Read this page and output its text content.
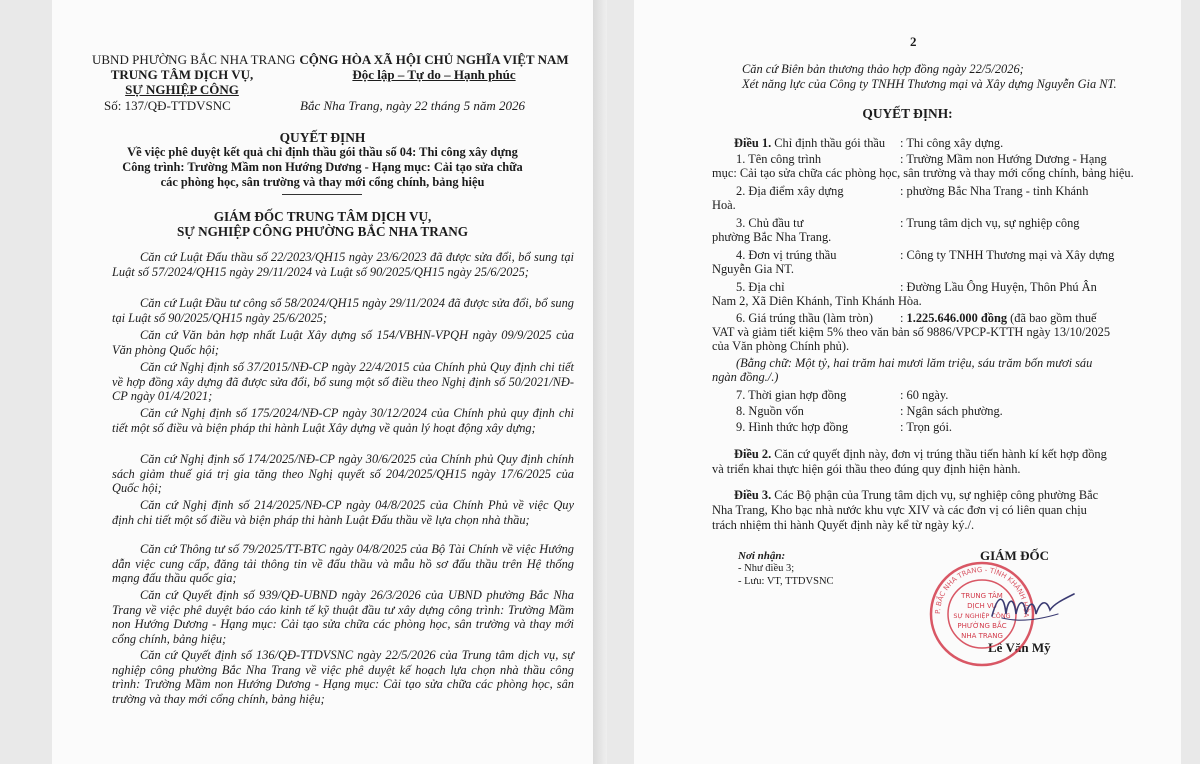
UBND PHƯỜNG BẮC NHA TRANG
TRUNG TÂM DỊCH VỤ,
SỰ NGHIỆP CÔNG
CỘNG HÒA XÃ HỘI CHỦ NGHĨA VIỆT NAM
Độc lập – Tự do – Hạnh phúc
Số: 137/QĐ-TTDVSNC	Bắc Nha Trang, ngày 22 tháng 5 năm 2026
QUYẾT ĐỊNH
Về việc phê duyệt kết quả chỉ định thầu gói thầu số 04: Thi công xây dựng
Công trình: Trường Mầm non Hướng Dương - Hạng mục: Cải tạo sửa chữa
các phòng học, sân trường và thay mới cổng chính, bảng hiệu
GIÁM ĐỐC TRUNG TÂM DỊCH VỤ,
SỰ NGHIỆP CÔNG PHƯỜNG BẮC NHA TRANG
Căn cứ Luật Đấu thầu số 22/2023/QH15 ngày 23/6/2023 đã được sửa đổi, bổ sung tại Luật số 57/2024/QH15 ngày 29/11/2024 và Luật số 90/2025/QH15 ngày 25/6/2025;
Căn cứ Luật Đầu tư công số 58/2024/QH15 ngày 29/11/2024 đã được sửa đổi, bổ sung tại Luật số 90/2025/QH15 ngày 25/6/2025;
Căn cứ Văn bản hợp nhất Luật Xây dựng số 154/VBHN-VPQH ngày 09/9/2025 của Văn phòng Quốc hội;
Căn cứ Nghị định số 37/2015/NĐ-CP ngày 22/4/2015 của Chính phủ Quy định chi tiết về hợp đồng xây dựng đã được sửa đổi, bổ sung một số điều theo Nghị định số 50/2021/NĐ-CP ngày 01/4/2021;
Căn cứ Nghị định số 175/2024/NĐ-CP ngày 30/12/2024 của Chính phủ quy định chi tiết một số điều và biện pháp thi hành Luật Xây dựng về quản lý hoạt động xây dựng;
Căn cứ Nghị định số 174/2025/NĐ-CP ngày 30/6/2025 của Chính phủ Quy định chính sách giảm thuế giá trị gia tăng theo Nghị quyết số 204/2025/QH15 ngày 17/6/2025 của Quốc hội;
Căn cứ Nghị định số 214/2025/NĐ-CP ngày 04/8/2025 của Chính Phủ về việc Quy định chi tiết một số điều và biện pháp thi hành Luật Đấu thầu về lựa chọn nhà thầu;
Căn cứ Thông tư số 79/2025/TT-BTC ngày 04/8/2025 của Bộ Tài Chính về việc Hướng dẫn việc cung cấp, đăng tải thông tin về đấu thầu và mẫu hồ sơ đấu thầu trên Hệ thống mạng đấu thầu quốc gia;
Căn cứ Quyết định số 939/QĐ-UBND ngày 26/3/2026 của UBND phường Bắc Nha Trang về việc phê duyệt báo cáo kinh tế kỹ thuật đầu tư xây dựng công trình: Trường Mầm non Hướng Dương - Hạng mục: Cải tạo sửa chữa các phòng học, sân trường và thay mới cổng chính, bảng hiệu;
Căn cứ Quyết định số 136/QĐ-TTDVSNC ngày 22/5/2026 của Trung tâm dịch vụ, sự nghiệp công phường Bắc Nha Trang về việc phê duyệt kế hoạch lựa chọn nhà thầu công trình: Trường Mầm non Hướng Dương - Hạng mục: Cải tạo sửa chữa các phòng học, sân trường và thay mới cổng chính, bảng hiệu;
2
Căn cứ Biên bản thương thảo hợp đồng ngày 22/5/2026;
Xét năng lực của Công ty TNHH Thương mại và Xây dựng Nguyễn Gia NT.
QUYẾT ĐỊNH:
Điều 1. Chỉ định thầu gói thầu : Thi công xây dựng.
1. Tên công trình	: Trường Mầm non Hướng Dương - Hạng
mục: Cải tạo sửa chữa các phòng học, sân trường và thay mới cổng chính, bảng hiệu.
2. Địa điểm xây dựng	: phường Bắc Nha Trang - tỉnh Khánh
Hoà.
3. Chủ đầu tư	: Trung tâm dịch vụ, sự nghiệp công
phường Bắc Nha Trang.
4. Đơn vị trúng thầu	: Công ty TNHH Thương mại và Xây dựng
Nguyễn Gia NT.
5. Địa chỉ	: Đường Lầu Ông Huyện, Thôn Phú Ân
Nam 2, Xã Diên Khánh, Tỉnh Khánh Hòa.
6. Giá trúng thầu (làm tròn) : 1.225.646.000 đồng (đã bao gồm thuế
VAT và giảm tiết kiệm 5% theo văn bản số 9886/VPCP-KTTH ngày 13/10/2025
của Văn phòng Chính phủ).
(Bằng chữ: Một tỷ, hai trăm hai mươi lăm triệu, sáu trăm bốn mươi sáu
ngàn đồng./.)
7. Thời gian hợp đồng	: 60 ngày.
8. Nguồn vốn	: Ngân sách phường.
9. Hình thức hợp đồng	: Trọn gói.
Điều 2. Căn cứ quyết định này, đơn vị trúng thầu tiến hành kí kết hợp đồng
và triển khai thực hiện gói thầu theo đúng quy định hiện hành.
Điều 3. Các Bộ phận của Trung tâm dịch vụ, sự nghiệp công phường Bắc
Nha Trang, Kho bạc nhà nước khu vực XIV và các đơn vị có liên quan chịu
trách nhiệm thi hành Quyết định này kể từ ngày ký./.
Nơi nhận:
- Như điều 3;
- Lưu: VT, TTDVSNC
GIÁM ĐỐC
Lê Văn Mỹ
P. BẮC NHA TRANG - TỈNH KHÁNH HÒA
TRUNG TÂM
DỊCH VỤ
SỰ NGHIỆP CÔNG
PHƯỜNG BẮC
NHA TRANG
